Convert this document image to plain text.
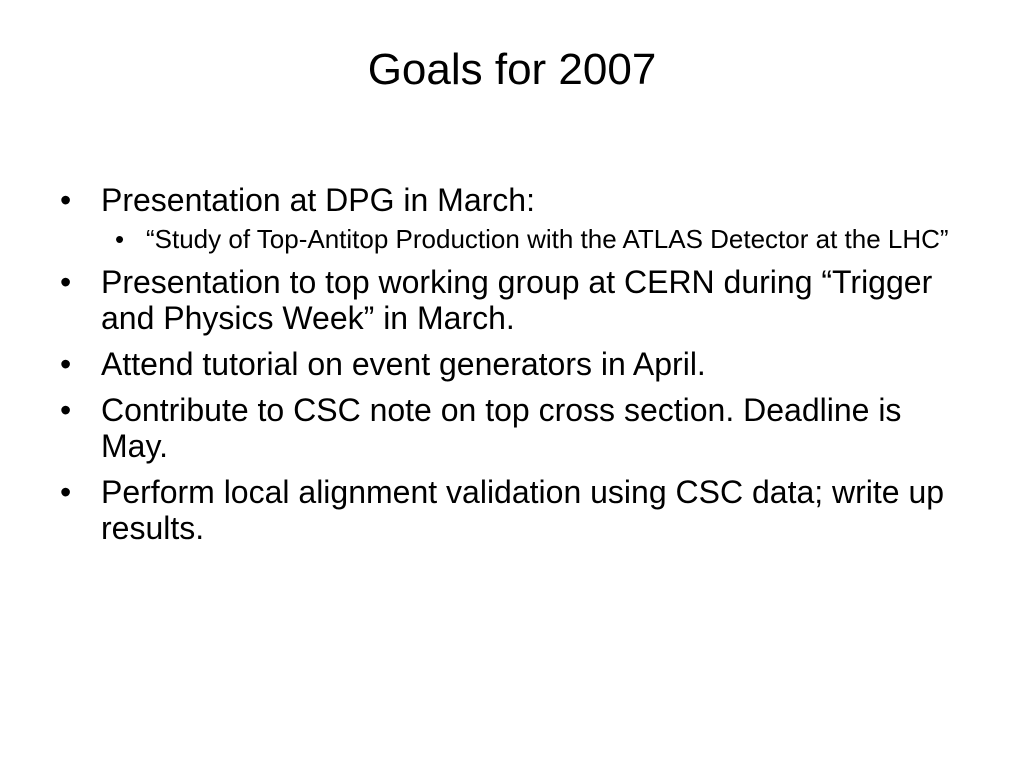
Goals for 2007
• Presentation at DPG in March:
• “Study of Top-Antitop Production with the ATLAS Detector at the LHC”
• Presentation to top working group at CERN during “Trigger and Physics Week” in March.
• Attend tutorial on event generators in April.
• Contribute to CSC note on top cross section. Deadline is May.
• Perform local alignment validation using CSC data; write up results.
